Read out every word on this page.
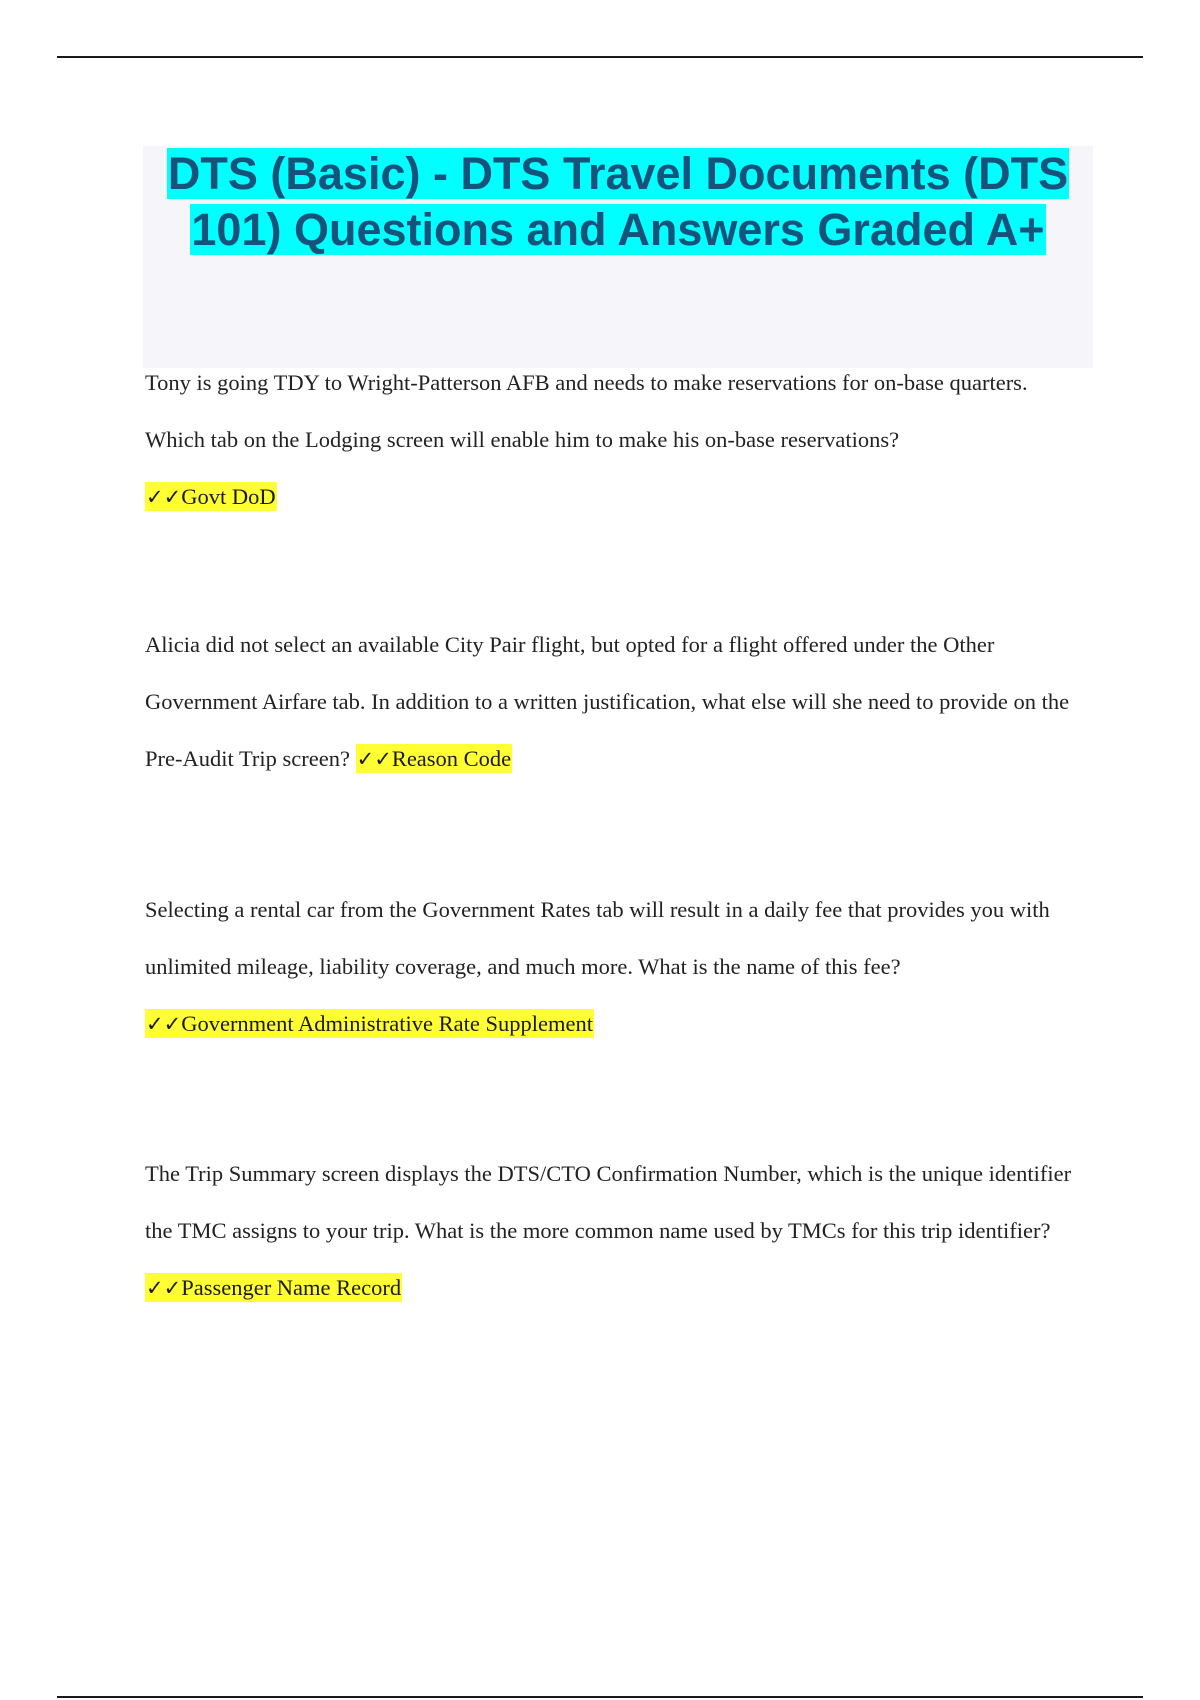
DTS (Basic) - DTS Travel Documents (DTS 101) Questions and Answers Graded A+

Tony is going TDY to Wright-Patterson AFB and needs to make reservations for on-base quarters. Which tab on the Lodging screen will enable him to make his on-base reservations?
✓✓Govt DoD

Alicia did not select an available City Pair flight, but opted for a flight offered under the Other Government Airfare tab. In addition to a written justification, what else will she need to provide on the Pre-Audit Trip screen? ✓✓Reason Code

Selecting a rental car from the Government Rates tab will result in a daily fee that provides you with unlimited mileage, liability coverage, and much more. What is the name of this fee?
✓✓Government Administrative Rate Supplement

The Trip Summary screen displays the DTS/CTO Confirmation Number, which is the unique identifier the TMC assigns to your trip. What is the more common name used by TMCs for this trip identifier? ✓✓Passenger Name Record
